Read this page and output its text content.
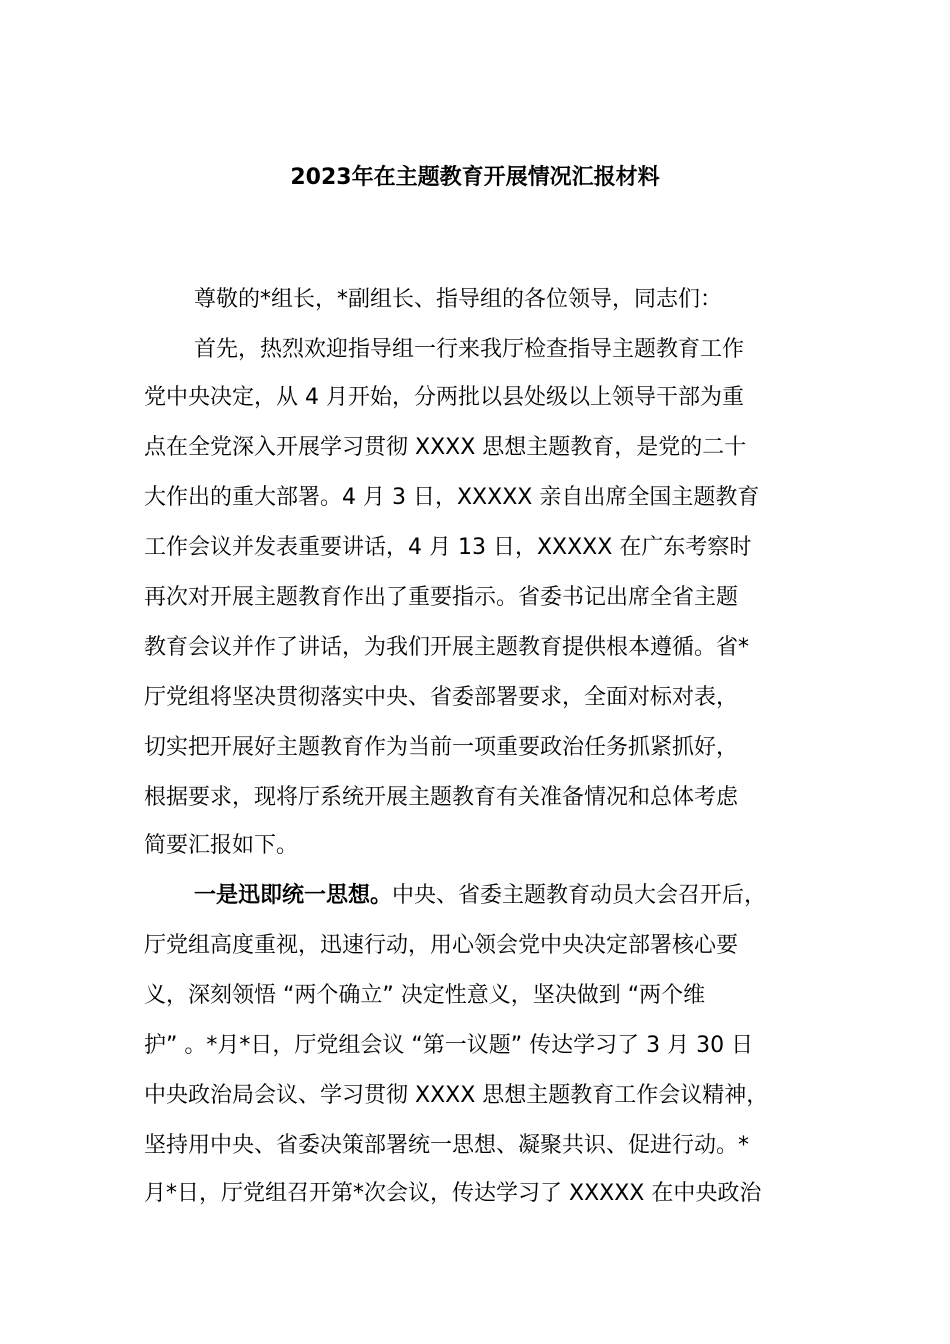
2023年在主题教育开展情况汇报材料
尊敬的*组长，*副组长、指导组的各位领导，同志们：
首先，热烈欢迎指导组一行来我厅检查指导主题教育工作
党中央决定，从 4 月开始，分两批以县处级以上领导干部为重
点在全党深入开展学习贯彻 XXXX 思想主题教育，是党的二十
大作出的重大部署。4 月 3 日，XXXXX 亲自出席全国主题教育
工作会议并发表重要讲话，4 月 13 日，XXXXX 在广东考察时
再次对开展主题教育作出了重要指示。省委书记出席全省主题
教育会议并作了讲话，为我们开展主题教育提供根本遵循。省*
厅党组将坚决贯彻落实中央、省委部署要求，全面对标对表，
切实把开展好主题教育作为当前一项重要政治任务抓紧抓好，
根据要求，现将厅系统开展主题教育有关准备情况和总体考虑
简要汇报如下。
一是迅即统一思想。中央、省委主题教育动员大会召开后，
厅党组高度重视，迅速行动，用心领会党中央决定部署核心要
义，深刻领悟 “两个确立” 决定性意义，坚决做到 “两个维
护” 。*月*日，厅党组会议 “第一议题” 传达学习了 3 月 30 日
中央政治局会议、学习贯彻 XXXX 思想主题教育工作会议精神，
坚持用中央、省委决策部署统一思想、凝聚共识、促进行动。*
月*日，厅党组召开第*次会议，传达学习了 XXXXX 在中央政治
